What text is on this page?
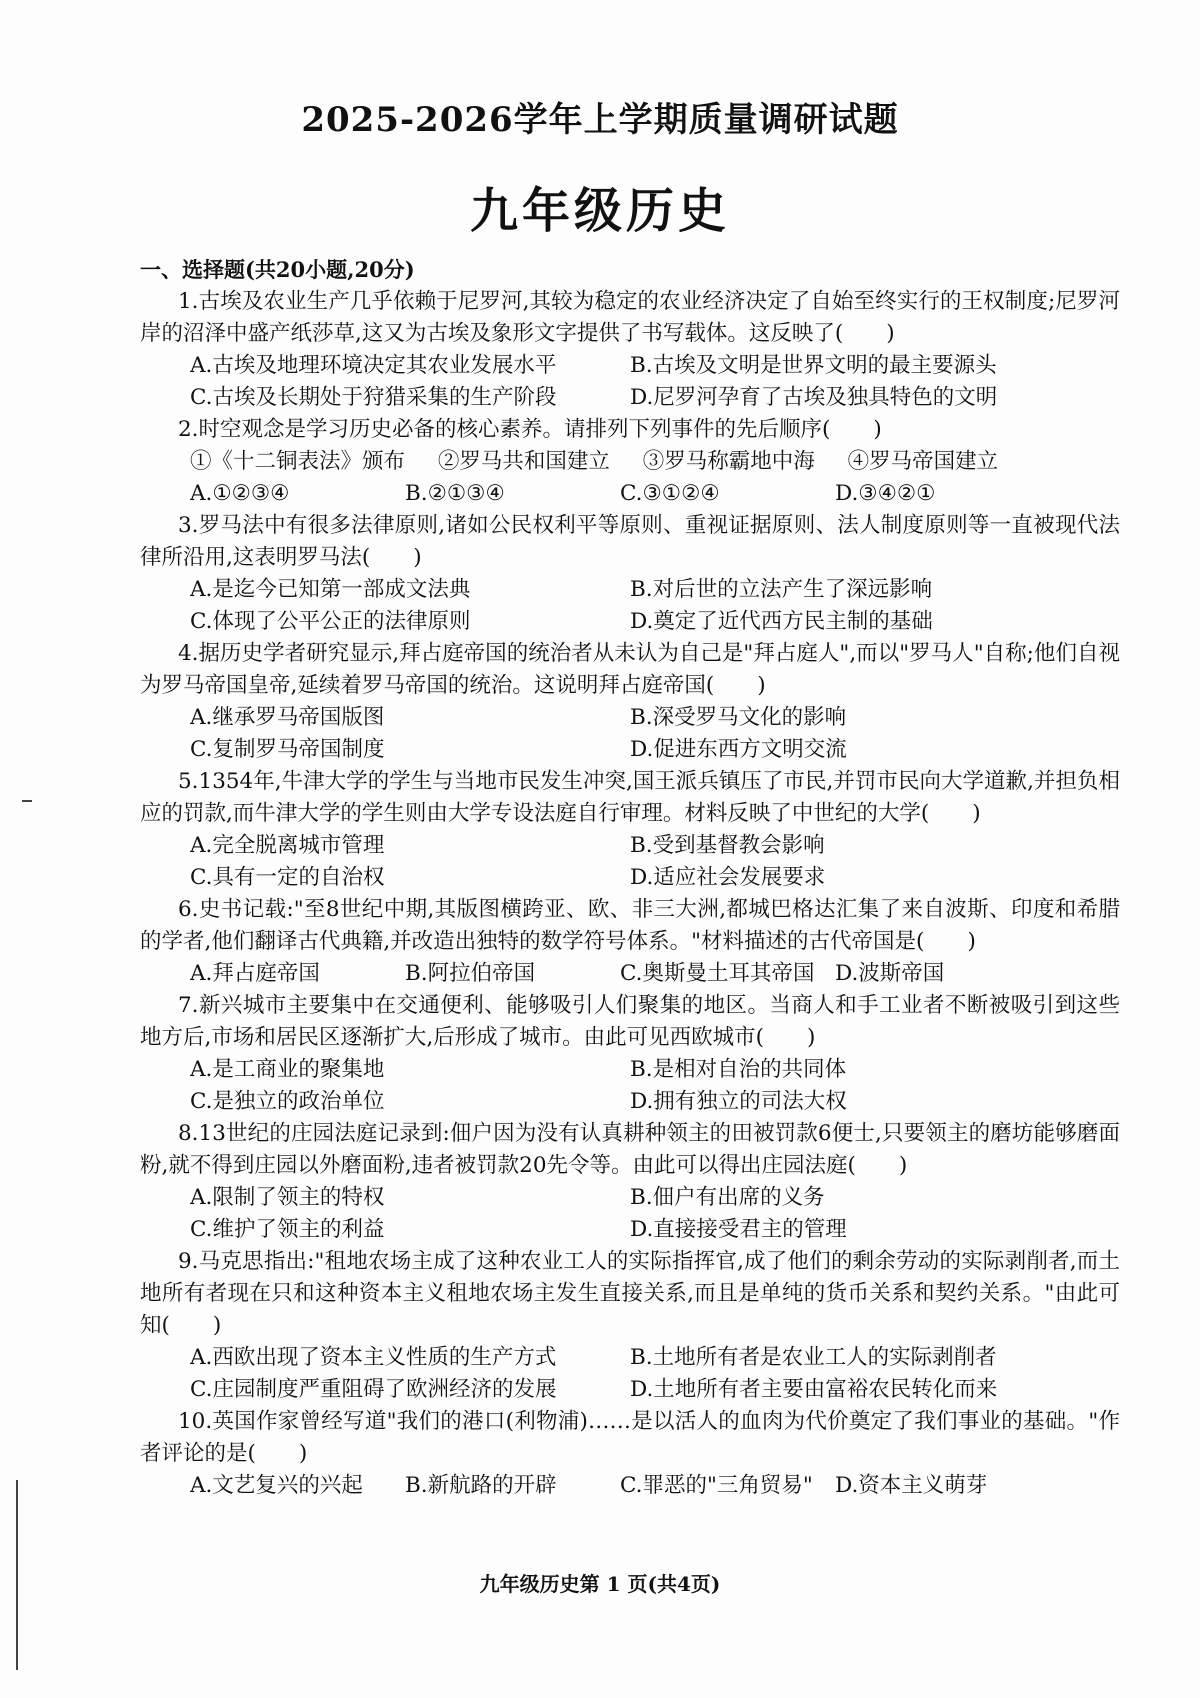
2025-2026学年上学期质量调研试题
九年级历史
一、选择题(共20小题,20分)
1.古埃及农业生产几乎依赖于尼罗河,其较为稳定的农业经济决定了自始至终实行的王权制度;尼罗河岸的沼泽中盛产纸莎草,这又为古埃及象形文字提供了书写载体。这反映了(　　)
A.古埃及地理环境决定其农业发展水平	B.古埃及文明是世界文明的最主要源头
C.古埃及长期处于狩猎采集的生产阶段	D.尼罗河孕育了古埃及独具特色的文明
2.时空观念是学习历史必备的核心素养。请排列下列事件的先后顺序(　　)
①《十二铜表法》颁布 ②罗马共和国建立 ③罗马称霸地中海 ④罗马帝国建立
A.①②③④	B.②①③④	C.③①②④	D.③④②①
3.罗马法中有很多法律原则,诸如公民权利平等原则、重视证据原则、法人制度原则等一直被现代法律所沿用,这表明罗马法(　　)
A.是迄今已知第一部成文法典	B.对后世的立法产生了深远影响
C.体现了公平公正的法律原则	D.奠定了近代西方民主制的基础
4.据历史学者研究显示,拜占庭帝国的统治者从未认为自己是"拜占庭人",而以"罗马人"自称;他们自视为罗马帝国皇帝,延续着罗马帝国的统治。这说明拜占庭帝国(　　)
A.继承罗马帝国版图	B.深受罗马文化的影响
C.复制罗马帝国制度	D.促进东西方文明交流
5.1354年,牛津大学的学生与当地市民发生冲突,国王派兵镇压了市民,并罚市民向大学道歉,并担负相应的罚款,而牛津大学的学生则由大学专设法庭自行审理。材料反映了中世纪的大学(　　)
A.完全脱离城市管理	B.受到基督教会影响
C.具有一定的自治权	D.适应社会发展要求
6.史书记载:"至8世纪中期,其版图横跨亚、欧、非三大洲,都城巴格达汇集了来自波斯、印度和希腊的学者,他们翻译古代典籍,并改造出独特的数学符号体系。"材料描述的古代帝国是(　　)
A.拜占庭帝国	B.阿拉伯帝国	C.奥斯曼土耳其帝国 D.波斯帝国
7.新兴城市主要集中在交通便利、能够吸引人们聚集的地区。当商人和手工业者不断被吸引到这些地方后,市场和居民区逐渐扩大,后形成了城市。由此可见西欧城市(　　)
A.是工商业的聚集地	B.是相对自治的共同体
C.是独立的政治单位	D.拥有独立的司法大权
8.13世纪的庄园法庭记录到:佃户因为没有认真耕种领主的田被罚款6便士,只要领主的磨坊能够磨面粉,就不得到庄园以外磨面粉,违者被罚款20先令等。由此可以得出庄园法庭(　　)
A.限制了领主的特权	B.佃户有出席的义务
C.维护了领主的利益	D.直接接受君主的管理
9.马克思指出:"租地农场主成了这种农业工人的实际指挥官,成了他们的剩余劳动的实际剥削者,而土地所有者现在只和这种资本主义租地农场主发生直接关系,而且是单纯的货币关系和契约关系。"由此可知(　　)
A.西欧出现了资本主义性质的生产方式	B.土地所有者是农业工人的实际剥削者
C.庄园制度严重阻碍了欧洲经济的发展	D.土地所有者主要由富裕农民转化而来
10.英国作家曾经写道"我们的港口(利物浦)……是以活人的血肉为代价奠定了我们事业的基础。"作者评论的是(　　)
A.文艺复兴的兴起	B.新航路的开辟	C.罪恶的"三角贸易"	D.资本主义萌芽
九年级历史第 1 页(共4页)
